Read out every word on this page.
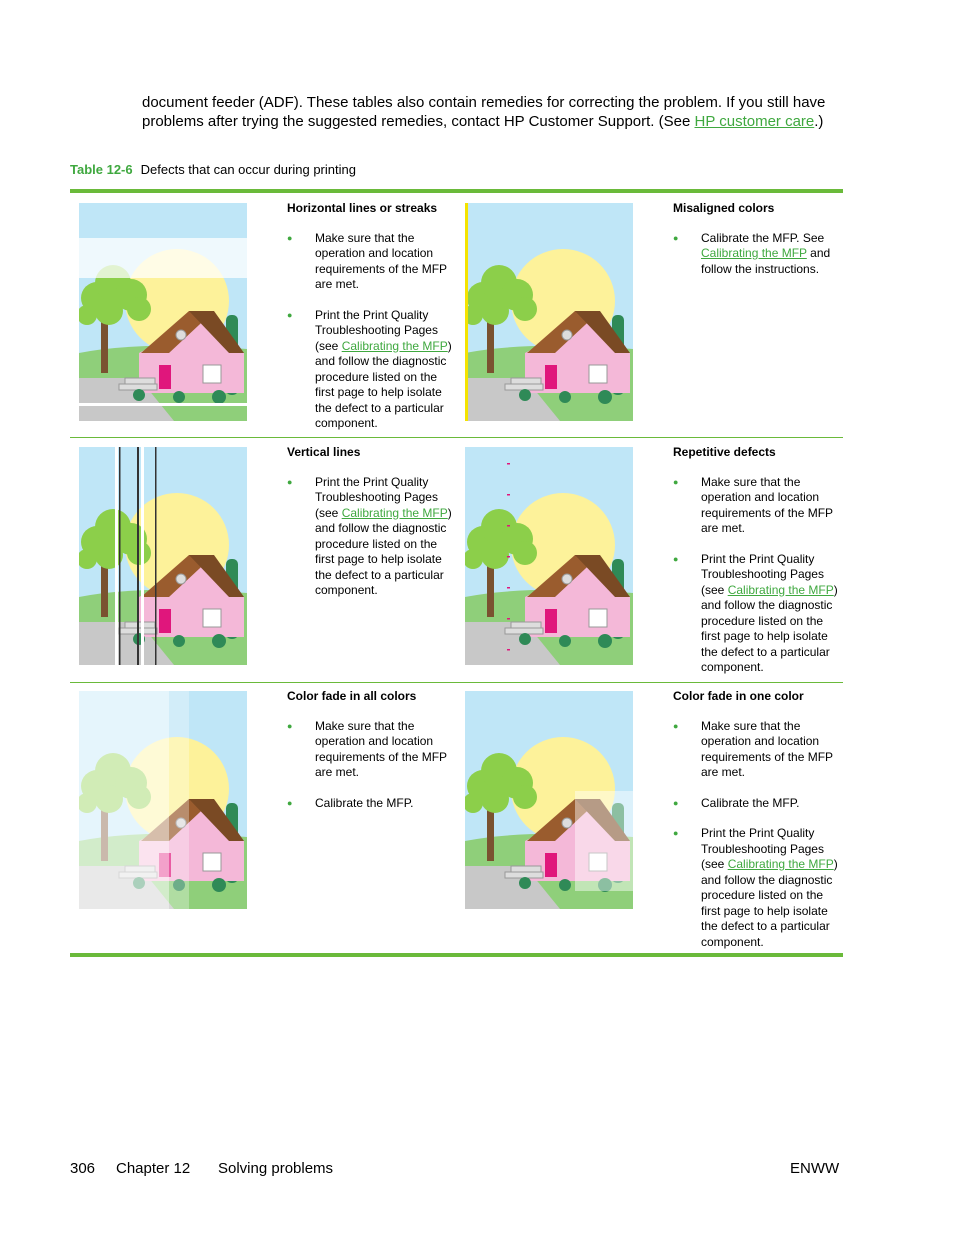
document feeder (ADF). These tables also contain remedies for correcting the problem. If you still have problems after trying the suggested remedies, contact HP Customer Support. (See HP customer care.)
Table 12-6 Defects that can occur during printing
Horizontal lines or streaks
● Make sure that the operation and location requirements of the MFP are met.
● Print the Print Quality Troubleshooting Pages (see Calibrating the MFP) and follow the diagnostic procedure listed on the first page to help isolate the defect to a particular component.
Misaligned colors
● Calibrate the MFP. See Calibrating the MFP and follow the instructions.
Vertical lines
● Print the Print Quality Troubleshooting Pages (see Calibrating the MFP) and follow the diagnostic procedure listed on the first page to help isolate the defect to a particular component.
Repetitive defects
● Make sure that the operation and location requirements of the MFP are met.
● Print the Print Quality Troubleshooting Pages (see Calibrating the MFP) and follow the diagnostic procedure listed on the first page to help isolate the defect to a particular component.
Color fade in all colors
● Make sure that the operation and location requirements of the MFP are met.
● Calibrate the MFP.
Color fade in one color
● Make sure that the operation and location requirements of the MFP are met.
● Calibrate the MFP.
● Print the Print Quality Troubleshooting Pages (see Calibrating the MFP) and follow the diagnostic procedure listed on the first page to help isolate the defect to a particular component.
306 Chapter 12 Solving problems	ENWW
